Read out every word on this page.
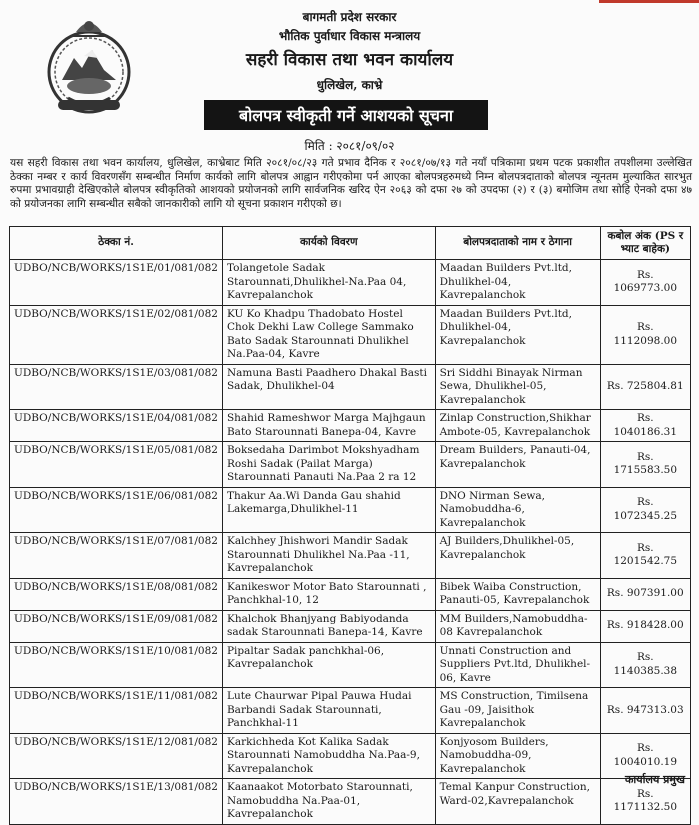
बागमती प्रदेश सरकार
भौतिक पुर्वाधार विकास मन्त्रालय
सहरी विकास तथा भवन कार्यालय
धुलिखेल, काभ्रे
बोलपत्र स्वीकृती गर्ने आशयको सूचना
मिति : २०८१/०९/०२
यस सहरी विकास तथा भवन कार्यालय, धुलिखेल, काभ्रेबाट मिति २०८१/०८/२३ गते प्रभाव दैनिक र २०८१/०७/१३ गते नयाँ पत्रिकामा प्रथम पटक प्रकाशीत तपशीलमा उल्लेखित ठेक्का नम्बर र कार्य विवरणसँग सम्बन्धीत निर्माण कार्यको लागि बोलपत्र आह्वान गरीएकोमा पर्न आएका बोलपत्रहरुमध्ये निम्न बोलपत्रदाताको बोलपत्र न्यूनतम मुल्याकित सारभुत रुपमा प्रभावग्राही देखिएकोले बोलपत्र स्वीकृतिको आशयको प्रयोजनको लागि सार्वजनिक खरिद ऐन २०६३ को दफा २७ को उपदफा (२) र (३) बमोजिम तथा सोहि ऐनको दफा ४७ को प्रयोजनका लागि सम्बन्धीत सबैको जानकारीको लागि यो सूचना प्रकाशन गरीएको छ।
ठेक्का नं.	कार्यको विवरण	बोलपत्रदाताको नाम र ठेगाना	कबोल अंक (PS र भ्याट बाहेक)
UDBO/NCB/WORKS/1S1E/01/081/082	Tolangetole Sadak Starounnati,Dhulikhel-Na.Paa 04, Kavrepalanchok	Maadan Builders Pvt.ltd, Dhulikhel-04, Kavrepalanchok	Rs. 1069773.00
UDBO/NCB/WORKS/1S1E/02/081/082	KU Ko Khadpu Thadobato Hostel Chok Dekhi Law College Sammako Bato Sadak Starounnati Dhulikhel Na.Paa-04, Kavre	Maadan Builders Pvt.ltd, Dhulikhel-04, Kavrepalanchok	Rs. 1112098.00
UDBO/NCB/WORKS/1S1E/03/081/082	Namuna Basti Paadhero Dhakal Basti Sadak, Dhulikhel-04	Sri Siddhi Binayak Nirman Sewa, Dhulikhel-05, Kavrepalanchok	Rs. 725804.81
UDBO/NCB/WORKS/1S1E/04/081/082	Shahid Rameshwor Marga Majhgaun Bato Starounnati Banepa-04, Kavre	Zinlap Construction,Shikhar Ambote-05, Kavrepalanchok	Rs. 1040186.31
UDBO/NCB/WORKS/1S1E/05/081/082	Boksedaha Darimbot Mokshyadham Roshi Sadak (Pailat Marga) Starounnati Panauti Na.Paa 2 ra 12	Dream Builders, Panauti-04, Kavrepalanchok	Rs. 1715583.50
UDBO/NCB/WORKS/1S1E/06/081/082	Thakur Aa.Wi Danda Gau shahid Lakemarga,Dhulikhel-11	DNO Nirman Sewa, Namobuddha-6, Kavrepalanchok	Rs. 1072345.25
UDBO/NCB/WORKS/1S1E/07/081/082	Kalchhey Jhishwori Mandir Sadak Starounnati Dhulikhel Na.Paa -11, Kavrepalanchok	AJ Builders,Dhulikhel-05, Kavrepalanchok	Rs. 1201542.75
UDBO/NCB/WORKS/1S1E/08/081/082	Kanikeswor Motor Bato Starounnati , Panchkhal-10, 12	Bibek Waiba Construction, Panauti-05, Kavrepalanchok	Rs. 907391.00
UDBO/NCB/WORKS/1S1E/09/081/082	Khalchok Bhanjyang Babiyodanda sadak Starounnati Banepa-14, Kavre	MM Builders,Namobuddha-08 Kavrepalanchok	Rs. 918428.00
UDBO/NCB/WORKS/1S1E/10/081/082	Pipaltar Sadak panchkhal-06, Kavrepalanchok	Unnati Construction and Suppliers Pvt.ltd, Dhulikhel-06, Kavre	Rs. 1140385.38
UDBO/NCB/WORKS/1S1E/11/081/082	Lute Chaurwar Pipal Pauwa Hudai Barbandi Sadak Starounnati, Panchkhal-11	MS Construction, Timilsena Gau -09, Jaisithok Kavrepalanchok	Rs. 947313.03
UDBO/NCB/WORKS/1S1E/12/081/082	Karkichheda Kot Kalika Sadak Starounnati Namobuddha Na.Paa-9, Kavrepalanchok	Konjyosom Builders, Namobuddha-09, Kavrepalanchok	Rs. 1004010.19
UDBO/NCB/WORKS/1S1E/13/081/082	Kaanaakot Motorbato Starounnati, Namobuddha Na.Paa-01, Kavrepalanchok	Temal Kanpur Construction, Ward-02,Kavrepalanchok	Rs. 1171132.50
कार्यालय प्रमुख
